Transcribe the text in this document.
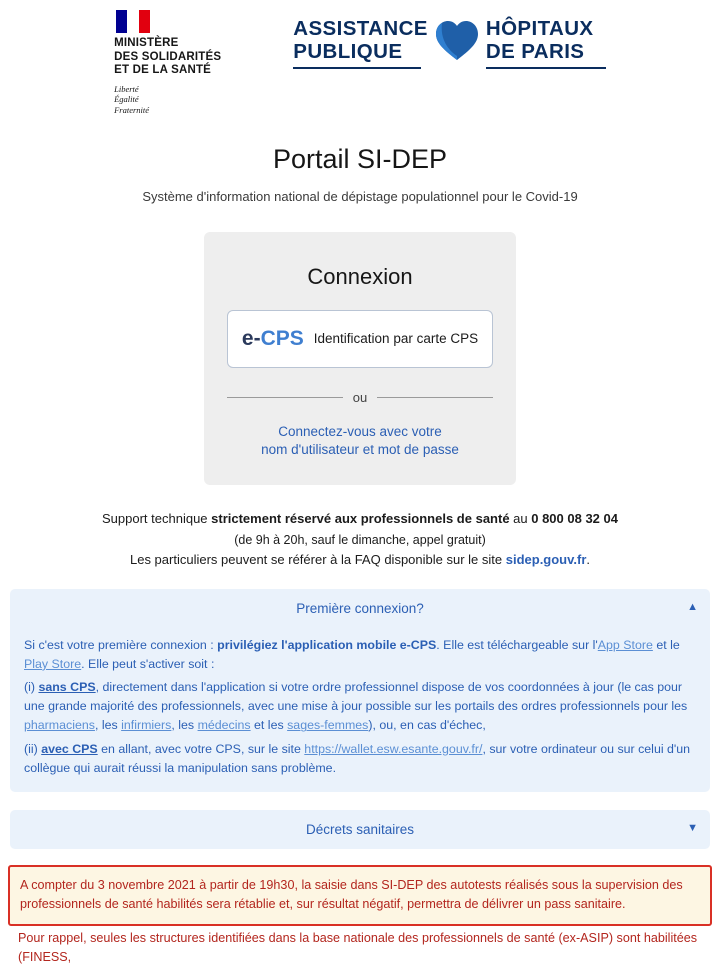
MINISTÈRE
DES SOLIDARITÉS
ET DE LA SANTÉ
Liberté
Égalité
Fraternité
ASSISTANCE
PUBLIQUE
HÔPITAUX
DE PARIS
Portail SI-DEP
Système d'information national de dépistage populationnel pour le Covid-19
Connexion
e-CPS Identification par carte CPS
ou
Connectez-vous avec votre
nom d'utilisateur et mot de passe
Support technique strictement réservé aux professionnels de santé au 0 800 08 32 04
(de 9h à 20h, sauf le dimanche, appel gratuit)
Les particuliers peuvent se référer à la FAQ disponible sur le site sidep.gouv.fr.
Première connexion?	▲

Si c'est votre première connexion : privilégiez l'application mobile e-CPS. Elle est téléchargeable sur l'App Store et le Play Store. Elle peut s'activer soit :

(i) sans CPS, directement dans l'application si votre ordre professionnel dispose de vos coordonnées à jour (le cas pour une grande majorité des professionnels, avec une mise à jour possible sur les portails des ordres professionnels pour les pharmaciens, les infirmiers, les médecins et les sages-femmes), ou, en cas d'échec,

(ii) avec CPS en allant, avec votre CPS, sur le site https://wallet.esw.esante.gouv.fr/, sur votre ordinateur ou sur celui d'un collègue qui aurait réussi la manipulation sans problème.

Décrets sanitaires	▼
A compter du 3 novembre 2021 à partir de 19h30, la saisie dans SI-DEP des autotests réalisés sous la supervision des professionnels de santé habilités sera rétablie et, sur résultat négatif, permettra de délivrer un pass sanitaire.
Pour rappel, seules les structures identifiées dans la base nationale des professionnels de santé (ex-ASIP) sont habilitées (FINESS,
